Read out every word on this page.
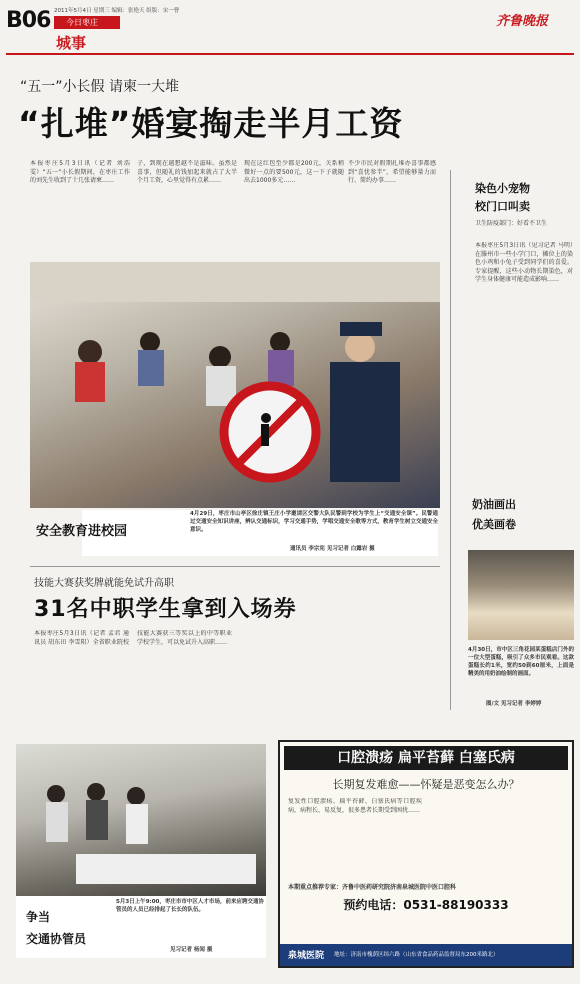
B06 2011年5月4日 星期三 编辑：张艳天 组版：宋一曹
今日枣庄
城事
齐鲁晚报
“五一”小长假 请柬一大堆
“扎堆”婚宴掏走半月工资
本报枣庄5月3日讯（记者 刘浩雯）“五一”小长假期间，在枣庄工作的刘先生收到了十几张请柬……
子，到现在越想越不是滋味。虽然是喜事，但随礼的钱加起来就占了大半个月工资，心里觉得有点累……
现在这红包至少都是200元，关系稍微好一点的要500元，这一下子就随出去1000多元……
不少市民对假期扎堆办喜事都感到“喜忧参半”，希望能够量力而行、简约办事……
安全教育进校园
4月29日，枣庄市山亭区徐庄镇王庄小学邀请区交警大队民警到学校为学生上“交通安全课”。民警通过交通安全知识讲座，辨认交通标识，学习交通手势，学唱交通安全歌等方式，教育学生树立交通安全意识。
通讯员 李宗宪 见习记者 白露岩 摄
染色小宠物
校门口叫卖
卫生防疫部门：好看不卫生
本报枣庄5月3日讯（见习记者 马明）在滕州市一些小学门口，摊位上的染色小鸡和小兔子受到同学们的喜爱。专家提醒，这些小动物长期染色，对学生身体健康可能造成影响……
奶油画出
优美画卷
4月30日，市中区三角花园某蛋糕店门外的一位大型蛋糕，吸引了众多市民观看。这款蛋糕长约1米，宽约50到60厘米，上面是精美的用奶油绘制的画面。
图/文 见习记者 李婷婷
技能大赛获奖牌就能免试升高职
31名中职学生拿到入场券
本报枣庄5月3日讯（记者 孟君 通讯员 胡东田 李雪阳）全省职业院校技能大赛获三等奖以上的中等职业学校学生，可以免试升入高职……
争当
交通协管员
5月3日上午9:00，枣庄市市中区人才市场，前来应聘交通协管员的人员已经排起了长长的队伍。
见习记者 杨闻 摄
口腔溃疡 扁平苔藓 白塞氏病
长期复发难愈——怀疑是恶变怎么办？
复发性口腔溃疡、扁平苔藓、白塞氏病等口腔疾病，病程长、易反复，很多患者长期受到困扰……
本期重点推荐专家：齐鲁中医药研究院济南泉城医院中医口腔科
预约电话：0531-88190333
泉城医院 地址：济南市槐荫区纬六路（山东省食品药品监督局东200米路北）
